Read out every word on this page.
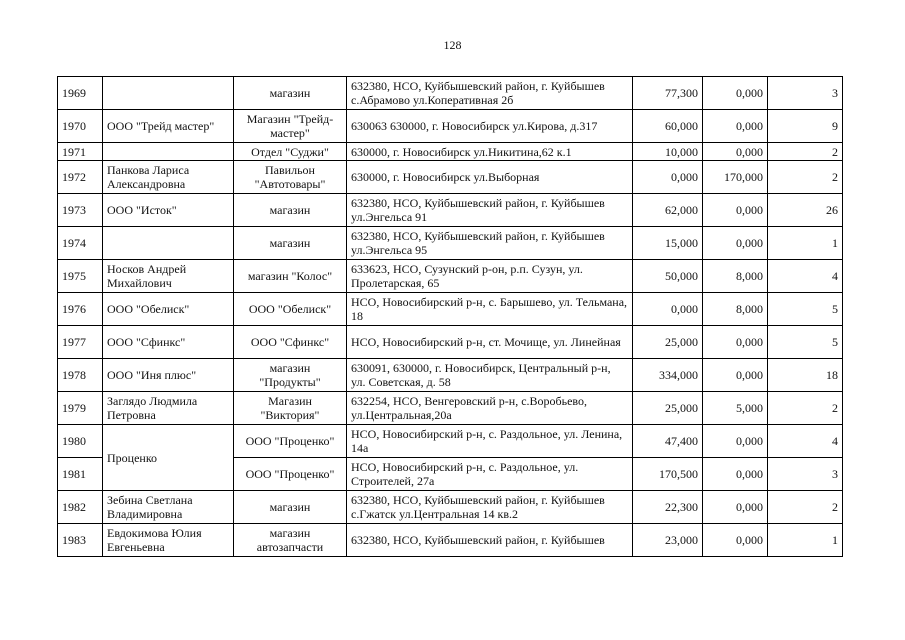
128
1969		магазин	632380, НСО, Куйбышевский район, г. Куйбышев с.Абрамово ул.Коперативная 2б	77,300	0,000	3
1970	ООО "Трейд мастер"	Магазин "Трейд-мастер"	630063 630000, г. Новосибирск ул.Кирова, д.317	60,000	0,000	9
1971		Отдел "Суджи"	630000, г. Новосибирск ул.Никитина,62 к.1	10,000	0,000	2
1972	Панкова Лариса Александровна	Павильон "Автотовары"	630000, г. Новосибирск ул.Выборная	0,000	170,000	2
1973	ООО "Исток"	магазин	632380, НСО, Куйбышевский район, г. Куйбышев ул.Энгельса 91	62,000	0,000	26
1974		магазин	632380, НСО, Куйбышевский район, г. Куйбышев ул.Энгельса 95	15,000	0,000	1
1975	Носков Андрей Михайлович	магазин "Колос"	633623, НСО, Сузунский р-он, р.п. Сузун, ул. Пролетарская, 65	50,000	8,000	4
1976	ООО "Обелиск"	ООО "Обелиск"	НСО, Новосибирский р-н, с. Барышево, ул. Тельмана, 18	0,000	8,000	5
1977	ООО "Сфинкс"	ООО "Сфинкс"	НСО, Новосибирский р-н, ст. Мочище, ул. Линейная	25,000	0,000	5
1978	ООО "Иня плюс"	магазин "Продукты"	630091, 630000, г. Новосибирск, Центральный р-н, ул. Советская, д. 58	334,000	0,000	18
1979	Заглядо Людмила Петровна	Магазин "Виктория"	632254, НСО, Венгеровский р-н, с.Воробьево, ул.Центральная,20а	25,000	5,000	2
1980	Проценко	ООО "Проценко"	НСО, Новосибирский р-н, с. Раздольное, ул. Ленина, 14а	47,400	0,000	4
1981		ООО "Проценко"	НСО, Новосибирский р-н, с. Раздольное, ул. Строителей, 27а	170,500	0,000	3
1982	Зебина Светлана Владимировна	магазин	632380, НСО, Куйбышевский район, г. Куйбышев с.Гжатск ул.Центральная 14 кв.2	22,300	0,000	2
1983	Евдокимова Юлия Евгеньевна	магазин автозапчасти	632380, НСО, Куйбышевский район, г. Куйбышев	23,000	0,000	1
